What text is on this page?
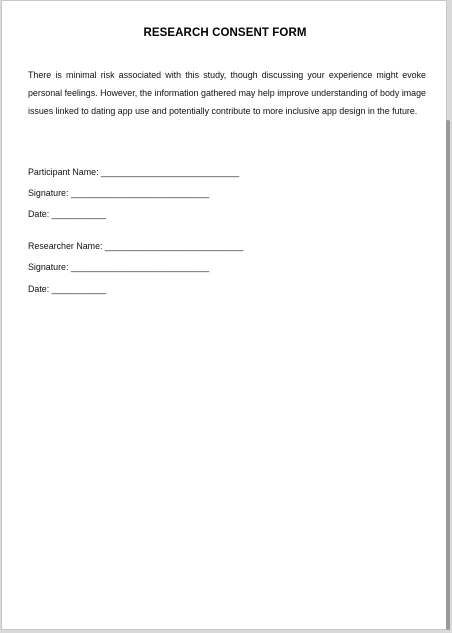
RESEARCH CONSENT FORM
There is minimal risk associated with this study, though discussing your experience might evoke personal feelings. However, the information gathered may help improve understanding of body image issues linked to dating app use and potentially contribute to more inclusive app design in the future.
Participant Name: ____________________________
Signature: ____________________________
Date: ___________
Researcher Name: ____________________________
Signature: ____________________________
Date: ___________
